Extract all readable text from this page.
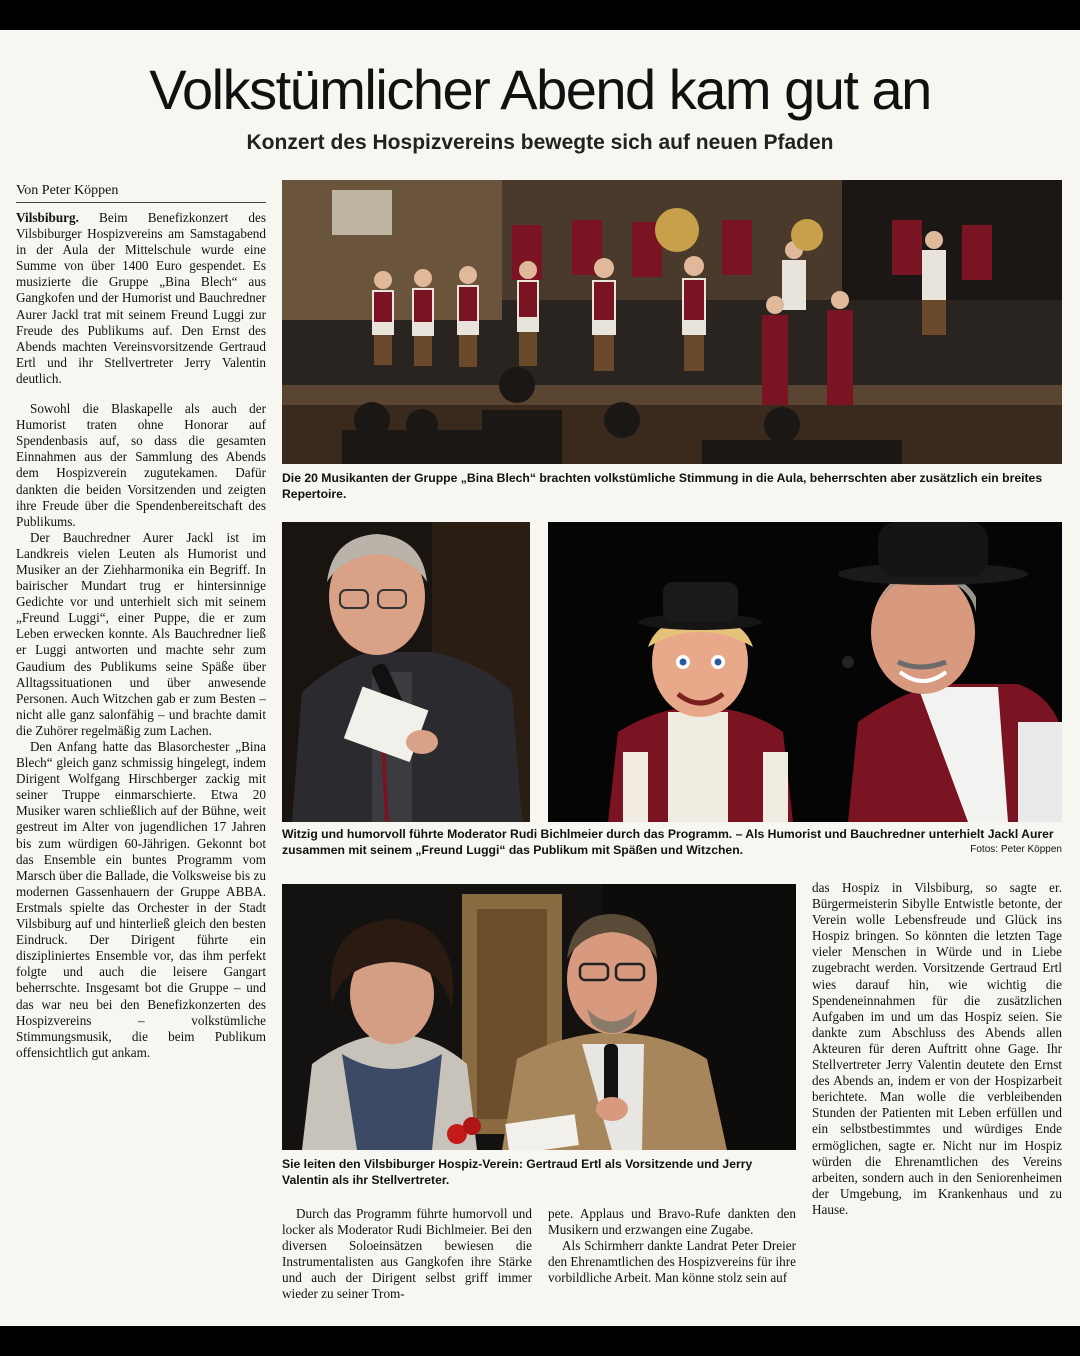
Volkstümlicher Abend kam gut an
Konzert des Hospizvereins bewegte sich auf neuen Pfaden
Von Peter Köppen

Vilsbiburg. Beim Benefizkonzert des Vilsbiburger Hospizvereins am Samstagabend in der Aula der Mittelschule wurde eine Summe von über 1400 Euro gespendet. Es musizierte die Gruppe „Bina Blech“ aus Gangkofen und der Humorist und Bauchredner Aurer Jackl trat mit seinem Freund Luggi zur Freude des Publikums auf. Den Ernst des Abends machten Vereinsvorsitzende Gertraud Ertl und ihr Stellvertreter Jerry Valentin deutlich.

Sowohl die Blaskapelle als auch der Humorist traten ohne Honorar auf Spendenbasis auf, so dass die gesamten Einnahmen aus der Sammlung des Abends dem Hospizverein zugutekamen. Dafür dankten die beiden Vorsitzenden und zeigten ihre Freude über die Spendenbereitschaft des Publikums.

Der Bauchredner Aurer Jackl ist im Landkreis vielen Leuten als Humorist und Musiker an der Ziehharmonika ein Begriff. In bairischer Mundart trug er hintersinnige Gedichte vor und unterhielt sich mit seinem „Freund Luggi“, einer Puppe, die er zum Leben erwecken konnte. Als Bauchredner ließ er Luggi antworten und machte sehr zum Gaudium des Publikums seine Späße über Alltagssituationen und über anwesende Personen. Auch Witzchen gab er zum Besten – nicht alle ganz salonfähig – und brachte damit die Zuhörer regelmäßig zum Lachen.

Den Anfang hatte das Blasorchester „Bina Blech“ gleich ganz schmissig hingelegt, indem Dirigent Wolfgang Hirschberger zackig mit seiner Truppe einmarschierte. Etwa 20 Musiker waren schließlich auf der Bühne, weit gestreut im Alter von jugendlichen 17 Jahren bis zum würdigen 60-Jährigen. Gekonnt bot das Ensemble ein buntes Programm vom Marsch über die Ballade, die Volksweise bis zu modernen Gassenhauern der Gruppe ABBA. Erstmals spielte das Orchester in der Stadt Vilsbiburg auf und hinterließ gleich den besten Eindruck. Der Dirigent führte ein diszipliniertes Ensemble vor, das ihm perfekt folgte und auch die leisere Gangart beherrschte. Insgesamt bot die Gruppe – und das war neu bei den Benefizkonzerten des Hospizvereins – volkstümliche Stimmungsmusik, die beim Publikum offensichtlich gut ankam.

Die 20 Musikanten der Gruppe „Bina Blech“ brachten volkstümliche Stimmung in die Aula, beherrschten aber zusätzlich ein breites Repertoire.
Witzig und humorvoll führte Moderator Rudi Bichlmeier durch das Programm. – Als Humorist und Bauchredner unterhielt Jackl Aurer zusammen mit seinem „Freund Luggi“ das Publikum mit Späßen und Witzchen.	Fotos: Peter Köppen
Sie leiten den Vilsbiburger Hospiz-Verein: Gertraud Ertl als Vorsitzende und Jerry Valentin als ihr Stellvertreter.

Durch das Programm führte humorvoll und locker als Moderator Rudi Bichlmeier. Bei den diversen Soloeinsätzen bewiesen die Instrumentalisten aus Gangkofen ihre Stärke und auch der Dirigent selbst griff immer wieder zu seiner Trom-

pete. Applaus und Bravo-Rufe dankten den Musikern und erzwangen eine Zugabe.

Als Schirmherr dankte Landrat Peter Dreier den Ehrenamtlichen des Hospizvereins für ihre vorbildliche Arbeit. Man könne stolz sein auf

das Hospiz in Vilsbiburg, so sagte er. Bürgermeisterin Sibylle Entwistle betonte, der Verein wolle Lebensfreude und Glück ins Hospiz bringen. So könnten die letzten Tage vieler Menschen in Würde und in Liebe zugebracht werden. Vorsitzende Gertraud Ertl wies darauf hin, wie wichtig die Spendeneinnahmen für die zusätzlichen Aufgaben im und um das Hospiz seien. Sie dankte zum Abschluss des Abends allen Akteuren für deren Auftritt ohne Gage. Ihr Stellvertreter Jerry Valentin deutete den Ernst des Abends an, indem er von der Hospizarbeit berichtete. Man wolle die verbleibenden Stunden der Patienten mit Leben erfüllen und ein selbstbestimmtes und würdiges Ende ermöglichen, sagte er. Nicht nur im Hospiz würden die Ehrenamtlichen des Vereins arbeiten, sondern auch in den Seniorenheimen der Umgebung, im Krankenhaus und zu Hause.
